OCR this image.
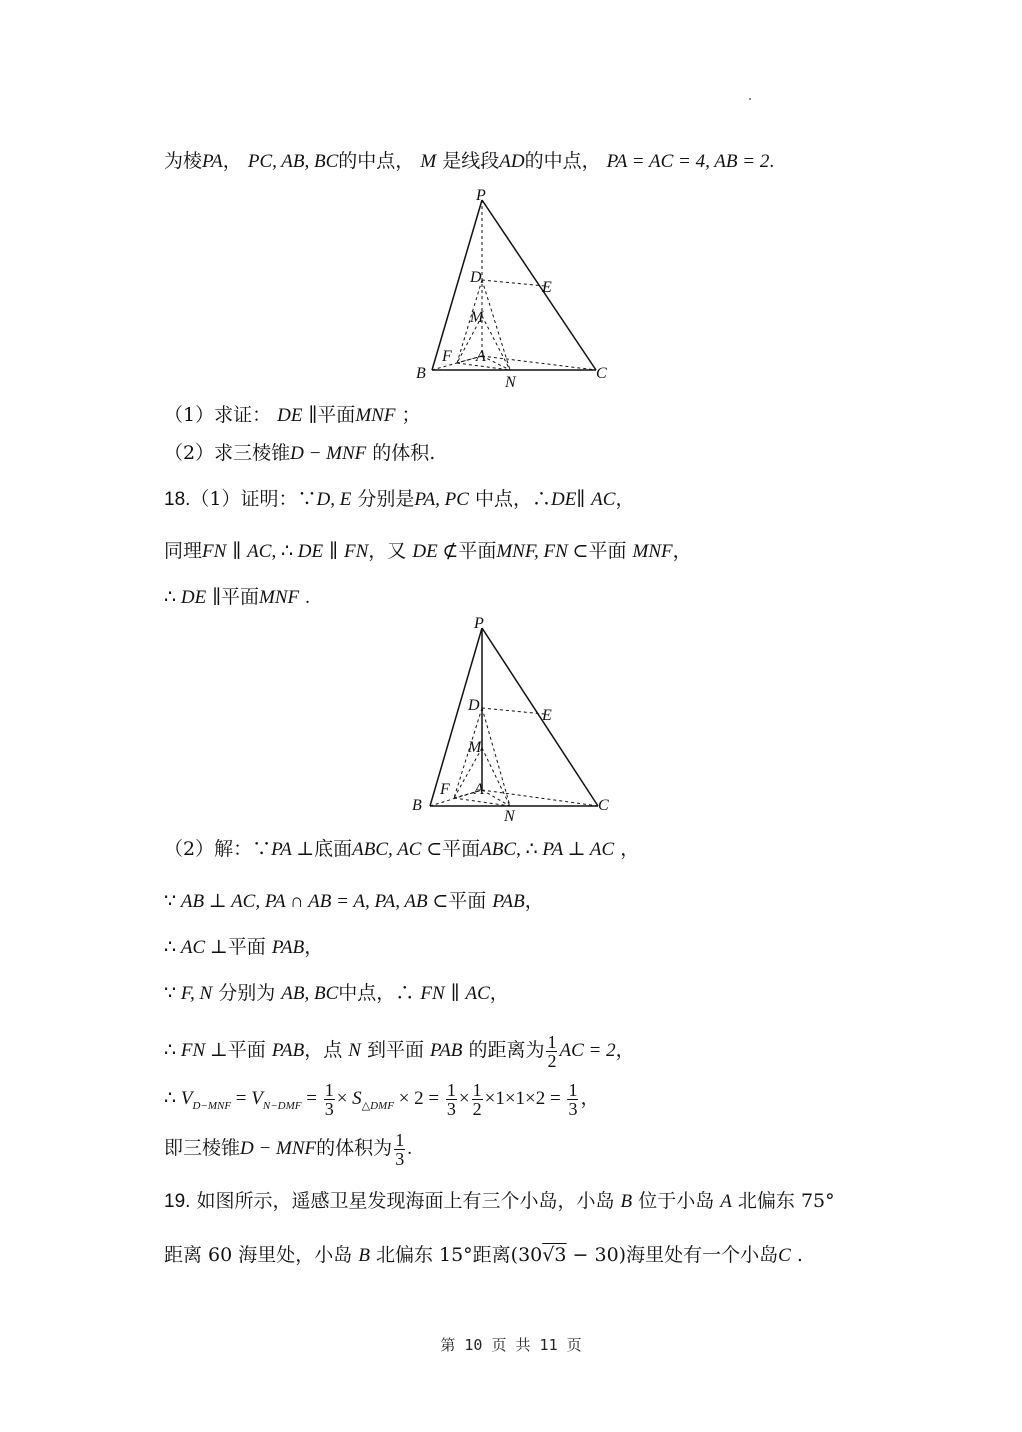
为棱PA， PC, AB, BC的中点， M 是线段AD的中点， PA = AC = 4, AB = 2.
P
D
E
M
F A
B
N
C
（1）求证： DE ∥平面MNF ；
（2）求三棱锥D − MNF 的体积.
18.（1）证明：∵D, E 分别是PA, PC 中点，∴DE∥ AC，
同理FN ∥ AC, ∴ DE ∥ FN，又 DE ⊄平面MNF, FN ⊂平面 MNF，
∴ DE ∥平面MNF .
P
D
E
M
F A
B
N
C
（2）解：∵PA ⊥底面ABC, AC ⊂平面ABC, ∴ PA ⊥ AC ，
∵ AB ⊥ AC, PA ∩ AB = A, PA, AB ⊂平面 PAB，
∴ AC ⊥平面 PAB，
∵ F, N 分别为 AB, BC中点，∴ FN ∥ AC，
∴ FN ⊥平面 PAB，点 N 到平面 PAB 的距离为 $\frac{1}{2}$ AC = 2，
∴ $V_{D-MNF} = V_{N-DMF} = \frac{1}{3} \times S_{\triangle DMF} \times 2 = \frac{1}{3} \times \frac{1}{2} \times 1\times 1\times 2 = \frac{1}{3}$ ，
即三棱锥D − MNF的体积为 $\frac{1}{3}$ .
19. 如图所示，遥感卫星发现海面上有三个小岛，小岛 B 位于小岛 A 北偏东 75°
距离 60 海里处，小岛 B 北偏东 15°距离(30√3 − 30)海里处有一个小岛C .
第 10 页 共 11 页
